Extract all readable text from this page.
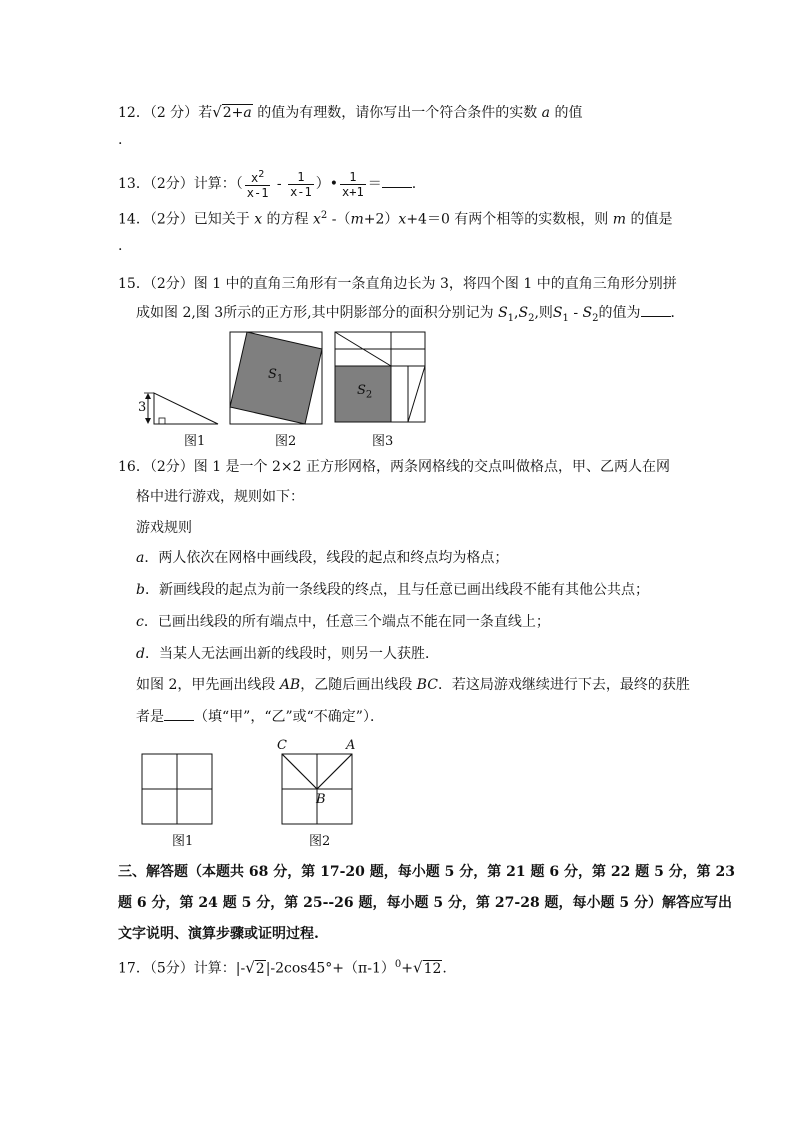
12．（2 分）若√2+a 的值为有理数，请你写出一个符合条件的实数 a 的值
.
13．（2分）计算：（ $\frac{x^2}{x-1} - \frac{1}{x-1}$ ）• $\frac{1}{x+1}$ ＝ .
14．（2分）已知关于 x 的方程 $x^2$ -（m+2）x+4＝0 有两个相等的实数根，则 m 的值是
.
15．（2分）图 1 中的直角三角形有一条直角边长为 3，将四个图 1 中的直角三角形分别拼
成如图 2,图 3所示的正方形,其中阴影部分的面积分别记为 $S_1,S_2$,则$S_1 - S_2$的值为 ．
3
$S_1$
$S_2$
图1	图2	图3
16．（2分）图 1 是一个 2×2 正方形网格，两条网格线的交点叫做格点，甲、乙两人在网
格中进行游戏，规则如下：
游戏规则
a．两人依次在网格中画线段，线段的起点和终点均为格点；
b．新画线段的起点为前一条线段的终点，且与任意已画出线段不能有其他公共点；
c．已画出线段的所有端点中，任意三个端点不能在同一条直线上；
d．当某人无法画出新的线段时，则另一人获胜．
如图 2，甲先画出线段 AB，乙随后画出线段 BC．若这局游戏继续进行下去，最终的获胜
者是 （填“甲”，“乙”或“不确定”）．
C	A
B
图1	图2
三、解答题（本题共 68 分，第 17-20 题，每小题 5 分，第 21 题 6 分，第 22 题 5 分，第 23
题 6 分，第 24 题 5 分，第 25--26 题，每小题 5 分，第 27-28 题，每小题 5 分）解答应写出
文字说明、演算步骤或证明过程.
17．（5分）计算：$|-√2|-2\cos 45^\circ+(\pi-1)^0+√12$.
